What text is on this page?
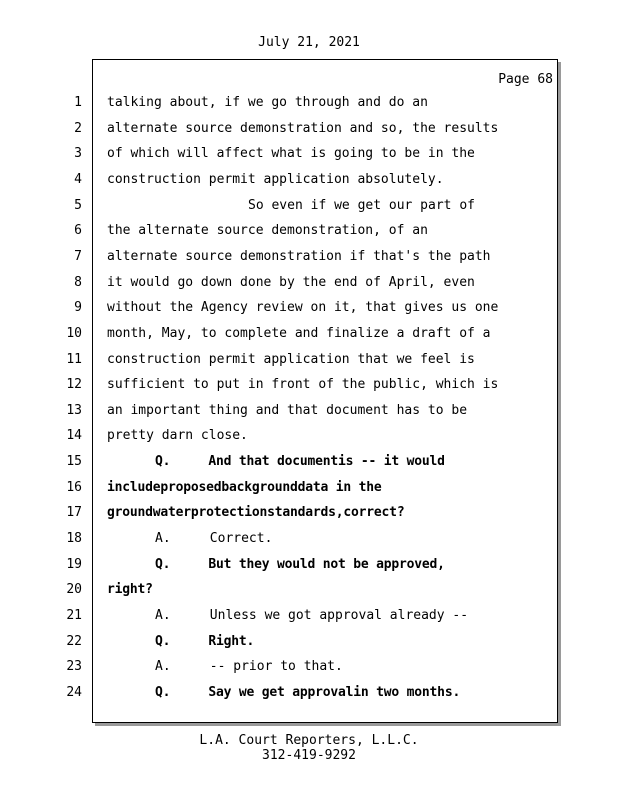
July 21, 2021
Page 68
1 talking about, if we go through and do an
2 alternate source demonstration and so, the results
3 of which will affect what is going to be in the
4 construction permit application absolutely.
5	So even if we get our part of
6 the alternate source demonstration, of an
7 alternate source demonstration if that's the path
8 it would go down done by the end of April, even
9 without the Agency review on it, that gives us one
10 month, May, to complete and finalize a draft of a
11 construction permit application that we feel is
12 sufficient to put in front of the public, which is
13 an important thing and that document has to be
14 pretty darn close.
15	Q.     And that documentis -- it would
16 includeproposedbackgrounddata in the
17 groundwaterprotectionstandards,correct?
18	A.     Correct.
19	Q.     But they would not be approved,
20 right?
21	A.     Unless we got approval already --
22	Q.     Right.
23	A.     -- prior to that.
24	Q.     Say we get approvalin two months.
L.A. Court Reporters, L.L.C.
312-419-9292
